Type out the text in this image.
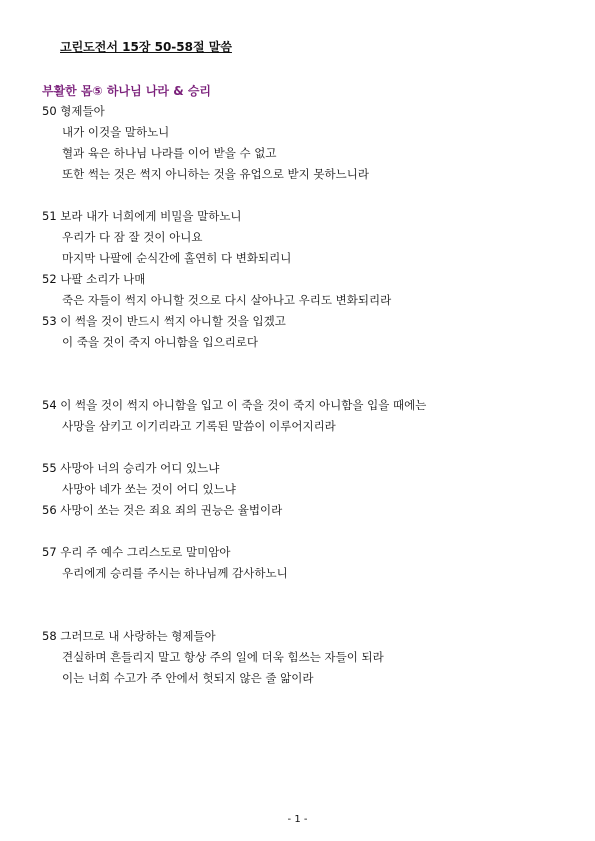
고린도전서 15장 50-58절 말씀
부활한 몸⑤ 하나님 나라 & 승리
50 형제들아
내가 이것을 말하노니
혈과 육은 하나님 나라를 이어 받을 수 없고
또한 썩는 것은 썩지 아니하는 것을 유업으로 받지 못하느니라
51 보라 내가 너희에게 비밀을 말하노니
우리가 다 잠 잘 것이 아니요
마지막 나팔에 순식간에 홀연히 다 변화되리니
52 나팔 소리가 나매
죽은 자들이 썩지 아니할 것으로 다시 살아나고 우리도 변화되리라
53 이 썩을 것이 반드시 썩지 아니할 것을 입겠고
이 죽을 것이 죽지 아니함을 입으리로다
54 이 썩을 것이 썩지 아니함을 입고 이 죽을 것이 죽지 아니함을 입을 때에는
사망을 삼키고 이기리라고 기록된 말씀이 이루어지리라
55 사망아 너의 승리가 어디 있느냐
사망아 네가 쏘는 것이 어디 있느냐
56 사망이 쏘는 것은 죄요 죄의 권능은 율법이라
57 우리 주 예수 그리스도로 말미암아
우리에게 승리를 주시는 하나님께 감사하노니
58 그러므로 내 사랑하는 형제들아
견실하며 흔들리지 말고 항상 주의 일에 더욱 힘쓰는 자들이 되라
이는 너희 수고가 주 안에서 헛되지 않은 줄 앎이라
- 1 -
